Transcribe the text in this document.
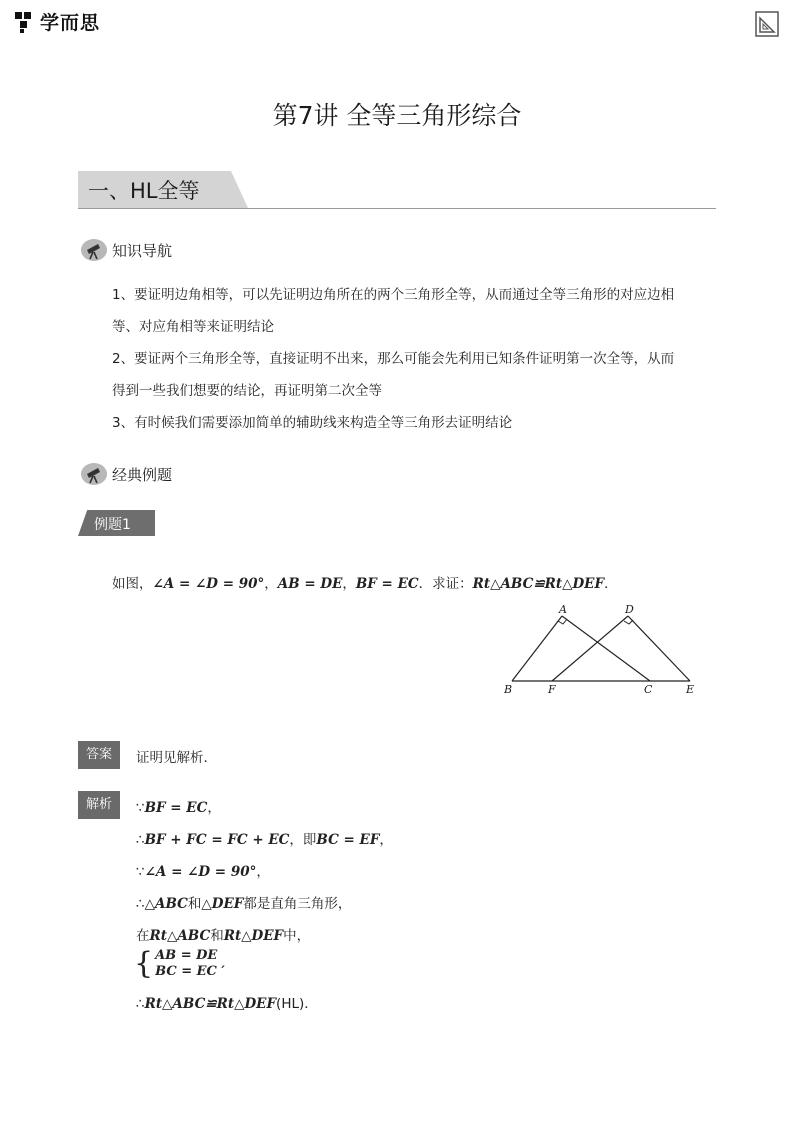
学而思
第7讲 全等三角形综合
一、HL全等
知识导航
1、要证明边角相等，可以先证明边角所在的两个三角形全等，从而通过全等三角形的对应边相
等、对应角相等来证明结论
2、要证两个三角形全等，直接证明不出来，那么可能会先利用已知条件证明第一次全等，从而
得到一些我们想要的结论，再证明第二次全等
3、有时候我们需要添加简单的辅助线来构造全等三角形去证明结论
经典例题
例题1
如图，∠A = ∠D = 90°，AB = DE，BF = EC．求证：Rt△ABC≌Rt△DEF．
A	D
B	F	C	E
答案	证明见解析．
解析	∵BF = EC，
∴BF + FC = FC + EC，即BC = EF，
∵∠A = ∠D = 90°，
∴△ABC和△DEF都是直角三角形，
在Rt△ABC和Rt△DEF中，
{ AB = DE
BC = EC ′
∴Rt△ABC≌Rt△DEF(HL)．
